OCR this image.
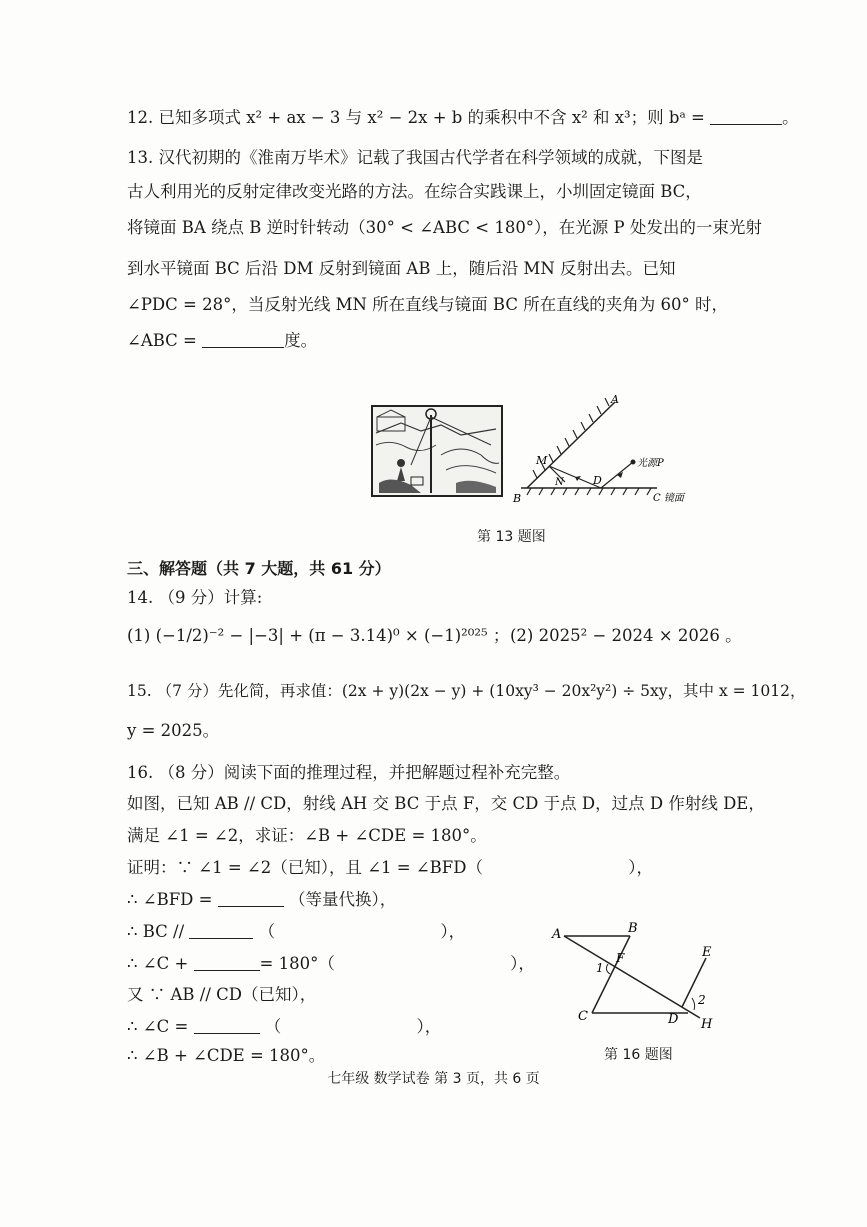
12. 已知多项式 x² + ax − 3 与 x² − 2x + b 的乘积中不含 x² 和 x³；则 bᵃ =	。
13. 汉代初期的《淮南万毕术》记载了我国古代学者在科学领域的成就，下图是
古人利用光的反射定律改变光路的方法。在综合实践课上，小圳固定镜面 BC，
将镜面 BA 绕点 B 逆时针转动（30° < ∠ABC < 180°），在光源 P 处发出的一束光射
到水平镜面 BC 后沿 DM 反射到镜面 AB 上，随后沿 MN 反射出去。已知
∠PDC = 28°，当反射光线 MN 所在直线与镜面 BC 所在直线的夹角为 60° 时，
∠ABC =	度。
A
M
N	D
光源P
B	C 镜面
第 13 题图
三、解答题（共 7 大题，共 61 分）
14. （9 分）计算:
(1) (−1/2)⁻² − |−3| + (π − 3.14)⁰ × (−1)²⁰²⁵ ； (2) 2025² − 2024 × 2026 。
15. （7 分）先化简，再求值：(2x + y)(2x − y) + (10xy³ − 20x²y²) ÷ 5xy，其中 x = 1012，
y = 2025。
16. （8 分）阅读下面的推理过程，并把解题过程补充完整。
如图，已知 AB // CD，射线 AH 交 BC 于点 F，交 CD 于点 D，过点 D 作射线 DE，
满足 ∠1 = ∠2，求证：∠B + ∠CDE = 180°。
证明：∵ ∠1 = ∠2（已知），且 ∠1 = ∠BFD（	），
∴ ∠BFD =	（等量代换），
∴ BC //	（	），
∴ ∠C +	= 180°（	），
又 ∵ AB // CD（已知），
∴ ∠C =	（	），
∴ ∠B + ∠CDE = 180°。
A	B
E
F
1
2
C	D H
第 16 题图
七年级 数学试卷 第 3 页，共 6 页
